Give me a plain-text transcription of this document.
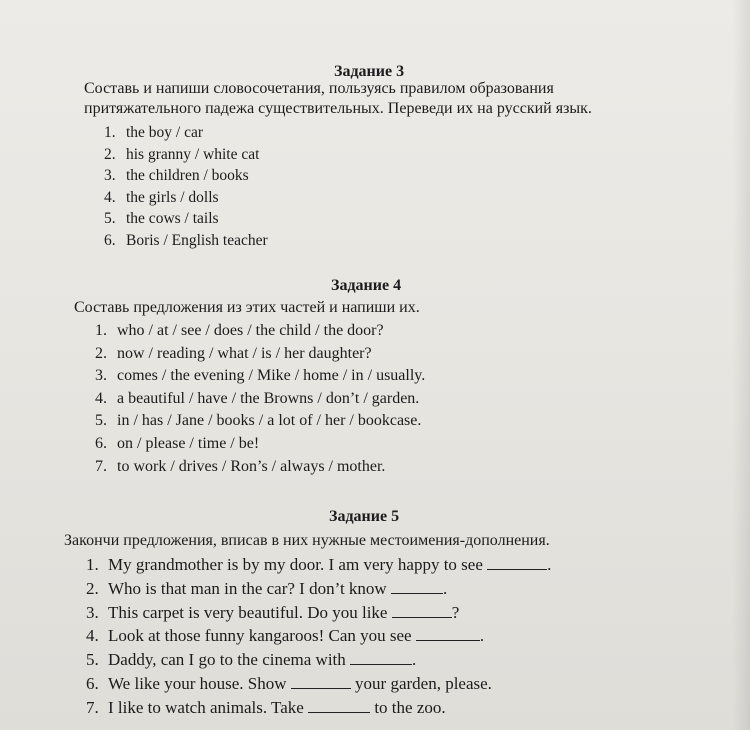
Задание 3
Составь и напиши словосочетания, пользуясь правилом образования
притяжательного падежа существительных. Переведи их на русский язык.
1. the boy / car
2. his granny / white cat
3. the children / books
4. the girls / dolls
5. the cows / tails
6. Boris / English teacher
Задание 4
Составь предложения из этих частей и напиши их.
1. who / at / see / does / the child / the door?
2. now / reading / what / is / her daughter?
3. comes / the evening / Mike / home / in / usually.
4. a beautiful / have / the Browns / don’t / garden.
5. in / has / Jane / books / a lot of / her / bookcase.
6. on / please / time / be!
7. to work / drives / Ron’s / always / mother.
Задание 5
Закончи предложения, вписав в них нужные местоимения-дополнения.
1. My grandmother is by my door. I am very happy to see	.
2. Who is that man in the car? I don’t know	.
3. This carpet is very beautiful. Do you like	?
4. Look at those funny kangaroos! Can you see	.
5. Daddy, can I go to the cinema with	.
6. We like your house. Show	your garden, please.
7. I like to watch animals. Take	to the zoo.
